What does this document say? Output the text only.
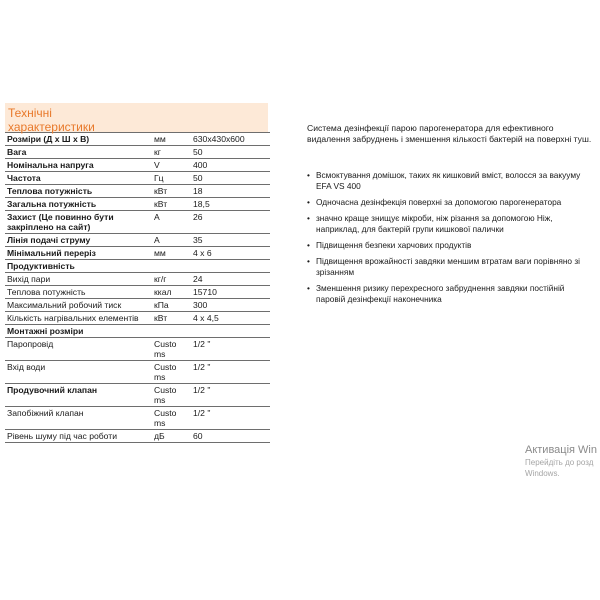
Технічні
характеристики
Розміри (Д х Ш х В)	мм	630x430x600
Вага	кг	50
Номінальна напруга	V	400
Частота	Гц	50
Теплова потужність	кВт	18
Загальна потужність	кВт	18,5
Захист (Це повинно бути закріплено на сайт)	А	26
Лінія подачі струму	А	35
Мінімальний переріз	мм	4 x 6
Продуктивність		
Вихід пари	кг/г	24
Теплова потужність	ккал	15710
Максимальний робочий тиск	кПа	300
Кількість нагрівальних елементів	кВт	4 x 4,5
Монтажні розміри		
Паропровід	Custo ms	1/2 "
Вхід води	Custo ms	1/2 "
Продувочний клапан	Custo ms	1/2 "
Запобіжний клапан	Custo ms	1/2 "
Рівень шуму під час роботи	дБ	60

Система дезінфекції парою парогенератора для ефективного видалення забруднень і зменшення кількості бактерій на поверхні туш.

• Всмоктування домішок, таких як кишковий вміст, волосся за вакууму EFA VS 400
• Одночасна дезінфекція поверхні за допомогою парогенератора
• значно краще знищує мікроби, ніж різання за допомогою Ніж, наприклад, для бактерій групи кишкової палички
• Підвищення безпеки харчових продуктів
• Підвищення врожайності завдяки меншим втратам ваги порівняно зі зрізанням
• Зменшення ризику перехресного забруднення завдяки постійній паровій дезінфекції наконечника
Активація Win
Перейдіть до розд
Windows.
